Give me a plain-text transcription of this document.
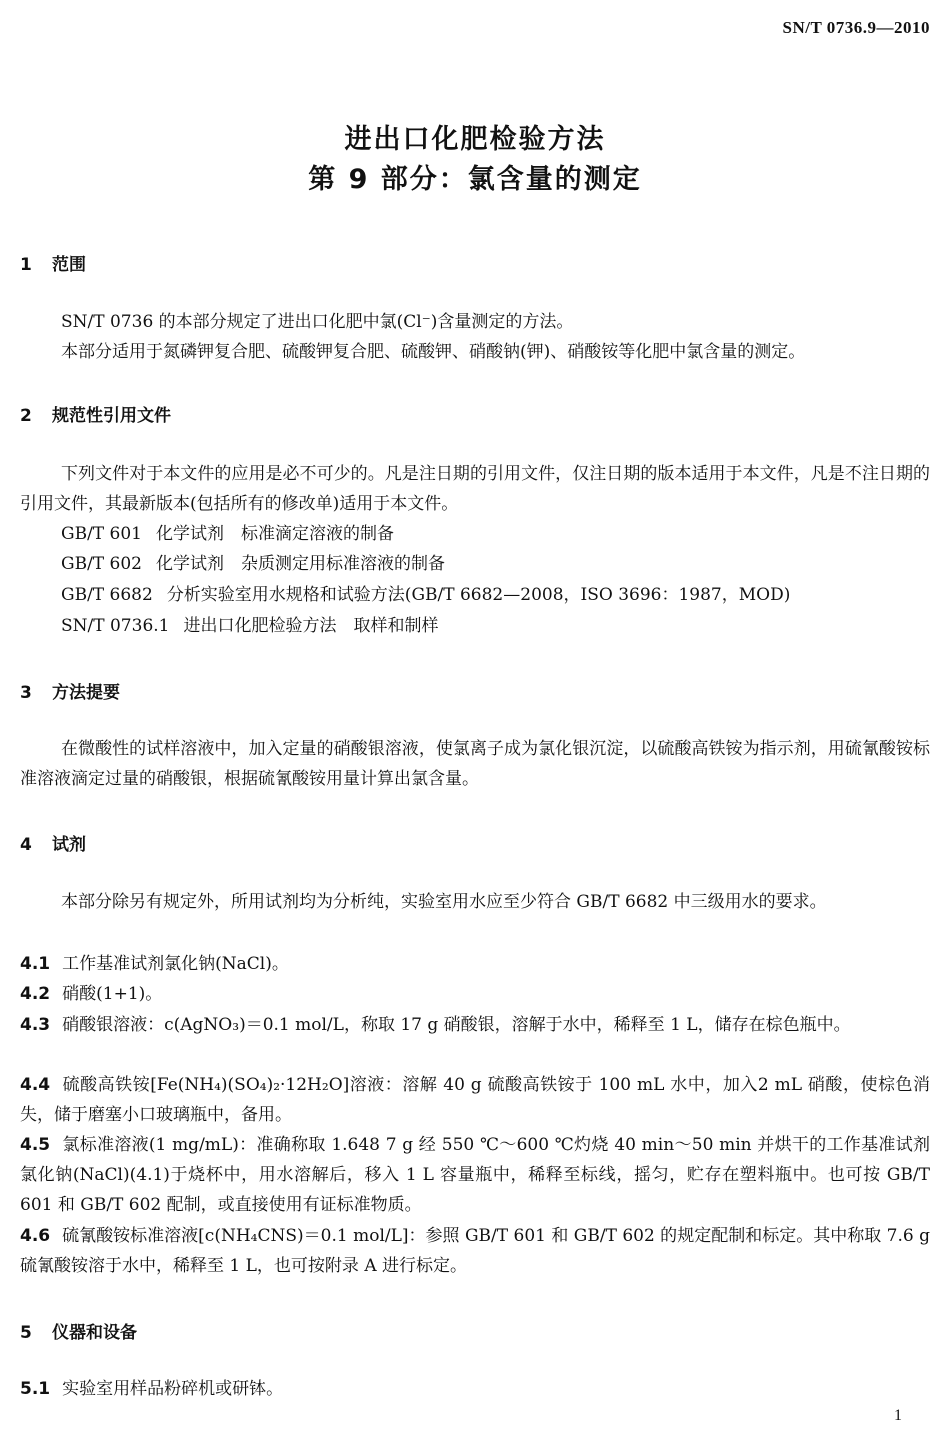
SN/T 0736.9—2010
进出口化肥检验方法
第 9 部分：氯含量的测定
1 范围
SN/T 0736 的本部分规定了进出口化肥中氯(Cl⁻)含量测定的方法。
本部分适用于氮磷钾复合肥、硫酸钾复合肥、硫酸钾、硝酸钠(钾)、硝酸铵等化肥中氯含量的测定。
2 规范性引用文件
下列文件对于本文件的应用是必不可少的。凡是注日期的引用文件，仅注日期的版本适用于本文件，凡是不注日期的引用文件，其最新版本(包括所有的修改单)适用于本文件。
GB/T 601 化学试剂　标准滴定溶液的制备
GB/T 602 化学试剂　杂质测定用标准溶液的制备
GB/T 6682 分析实验室用水规格和试验方法(GB/T 6682—2008，ISO 3696：1987，MOD)
SN/T 0736.1 进出口化肥检验方法　取样和制样
3 方法提要
在微酸性的试样溶液中，加入定量的硝酸银溶液，使氯离子成为氯化银沉淀，以硫酸高铁铵为指示剂，用硫氰酸铵标准溶液滴定过量的硝酸银，根据硫氰酸铵用量计算出氯含量。
4 试剂
本部分除另有规定外，所用试剂均为分析纯，实验室用水应至少符合 GB/T 6682 中三级用水的要求。
4.1 工作基准试剂氯化钠(NaCl)。
4.2 硝酸(1+1)。
4.3 硝酸银溶液：c(AgNO₃)＝0.1 mol/L，称取 17 g 硝酸银，溶解于水中，稀释至 1 L，储存在棕色瓶中。
4.4 硫酸高铁铵[Fe(NH₄)(SO₄)₂·12H₂O]溶液：溶解 40 g 硫酸高铁铵于 100 mL 水中，加入2 mL 硝酸，使棕色消失，储于磨塞小口玻璃瓶中，备用。
4.5 氯标准溶液(1 mg/mL)：准确称取 1.648 7 g 经 550 ℃～600 ℃灼烧 40 min～50 min 并烘干的工作基准试剂氯化钠(NaCl)(4.1)于烧杯中，用水溶解后，移入 1 L 容量瓶中，稀释至标线，摇匀，贮存在塑料瓶中。也可按 GB/T 601 和 GB/T 602 配制，或直接使用有证标准物质。
4.6 硫氰酸铵标准溶液[c(NH₄CNS)＝0.1 mol/L]：参照 GB/T 601 和 GB/T 602 的规定配制和标定。其中称取 7.6 g 硫氰酸铵溶于水中，稀释至 1 L，也可按附录 A 进行标定。
5 仪器和设备
5.1 实验室用样品粉碎机或研钵。
1
